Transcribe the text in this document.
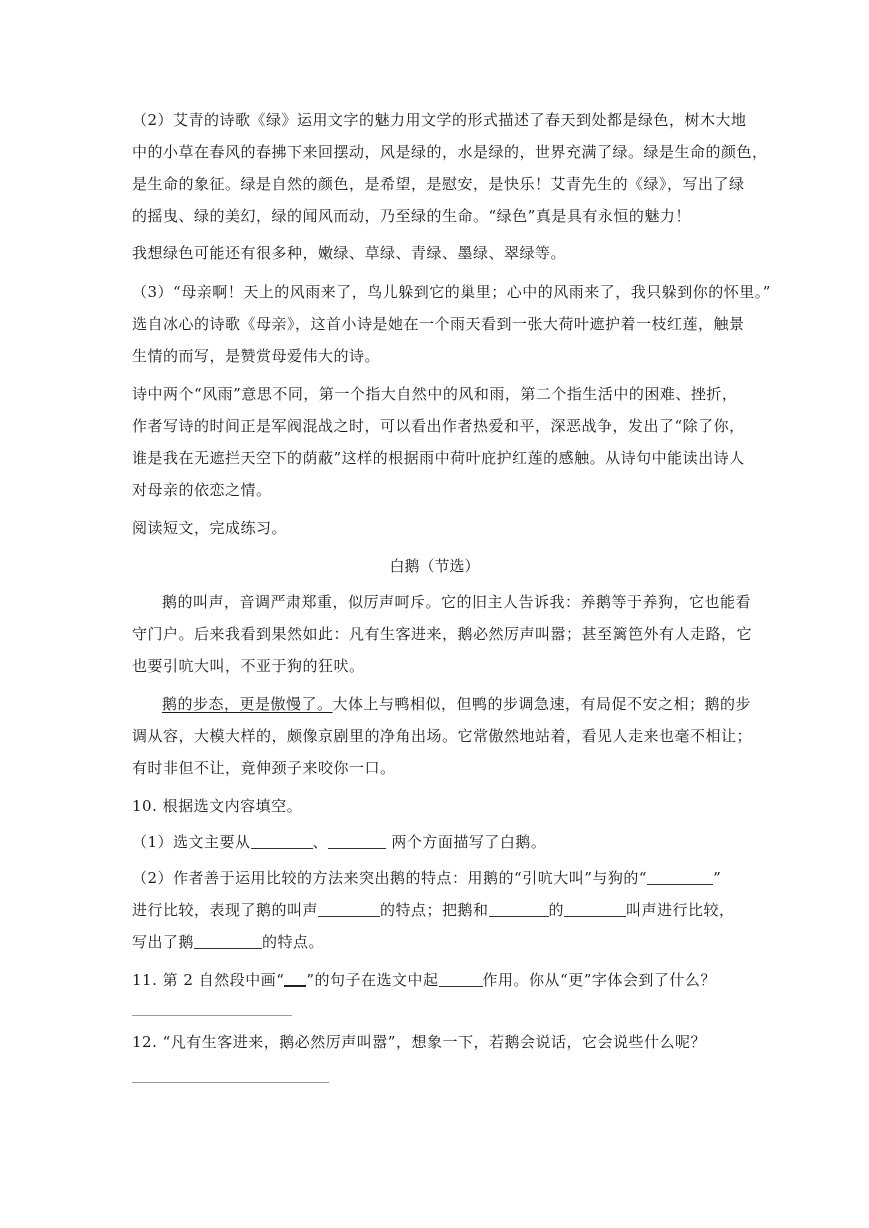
（2）艾青的诗歌《绿》运用文字的魅力用文学的形式描述了春天到处都是绿色，树木大地
中的小草在春风的春拂下来回摆动，风是绿的，水是绿的，世界充满了绿。绿是生命的颜色，
是生命的象征。绿是自然的颜色，是希望，是慰安，是快乐！艾青先生的《绿》，写出了绿
的摇曳、绿的美幻，绿的闻风而动，乃至绿的生命。“绿色”真是具有永恒的魅力！
我想绿色可能还有很多种，嫩绿、草绿、青绿、墨绿、翠绿等。
（3）“母亲啊！天上的风雨来了，鸟儿躲到它的巢里；心中的风雨来了，我只躲到你的怀里。”
选自冰心的诗歌《母亲》，这首小诗是她在一个雨天看到一张大荷叶遮护着一枝红莲，触景
生情的而写，是赞赏母爱伟大的诗。
诗中两个“风雨”意思不同，第一个指大自然中的风和雨，第二个指生活中的困难、挫折，
作者写诗的时间正是军阀混战之时，可以看出作者热爱和平，深恶战争，发出了“除了你，
谁是我在无遮拦天空下的荫蔽”这样的根据雨中荷叶庇护红莲的感触。从诗句中能读出诗人
对母亲的依恋之情。
阅读短文，完成练习。
白鹅（节选）
鹅的叫声，音调严肃郑重，似厉声呵斥。它的旧主人告诉我：养鹅等于养狗，它也能看
守门户。后来我看到果然如此：凡有生客进来，鹅必然厉声叫嚣；甚至篱笆外有人走路，它
也要引吭大叫，不亚于狗的狂吠。
鹅的步态，更是傲慢了。大体上与鸭相似，但鸭的步调急速，有局促不安之相；鹅的步
调从容，大模大样的，颇像京剧里的净角出场。它常傲然地站着，看见人走来也毫不相让；
有时非但不让，竟伸颈子来咬你一口。
10. 根据选文内容填空。
（1）选文主要从	、	两个方面描写了白鹅。
（2）作者善于运用比较的方法来突出鹅的特点：用鹅的“引吭大叫”与狗的“	”
进行比较，表现了鹅的叫声	的特点；把鹅和	的	叫声进行比较，
写出了鹅	的特点。
11. 第 2 自然段中画“ ”的句子在选文中起	作用。你从“更”字体会到了什么？
12. “凡有生客进来，鹅必然厉声叫嚣”，想象一下，若鹅会说话，它会说些什么呢？
